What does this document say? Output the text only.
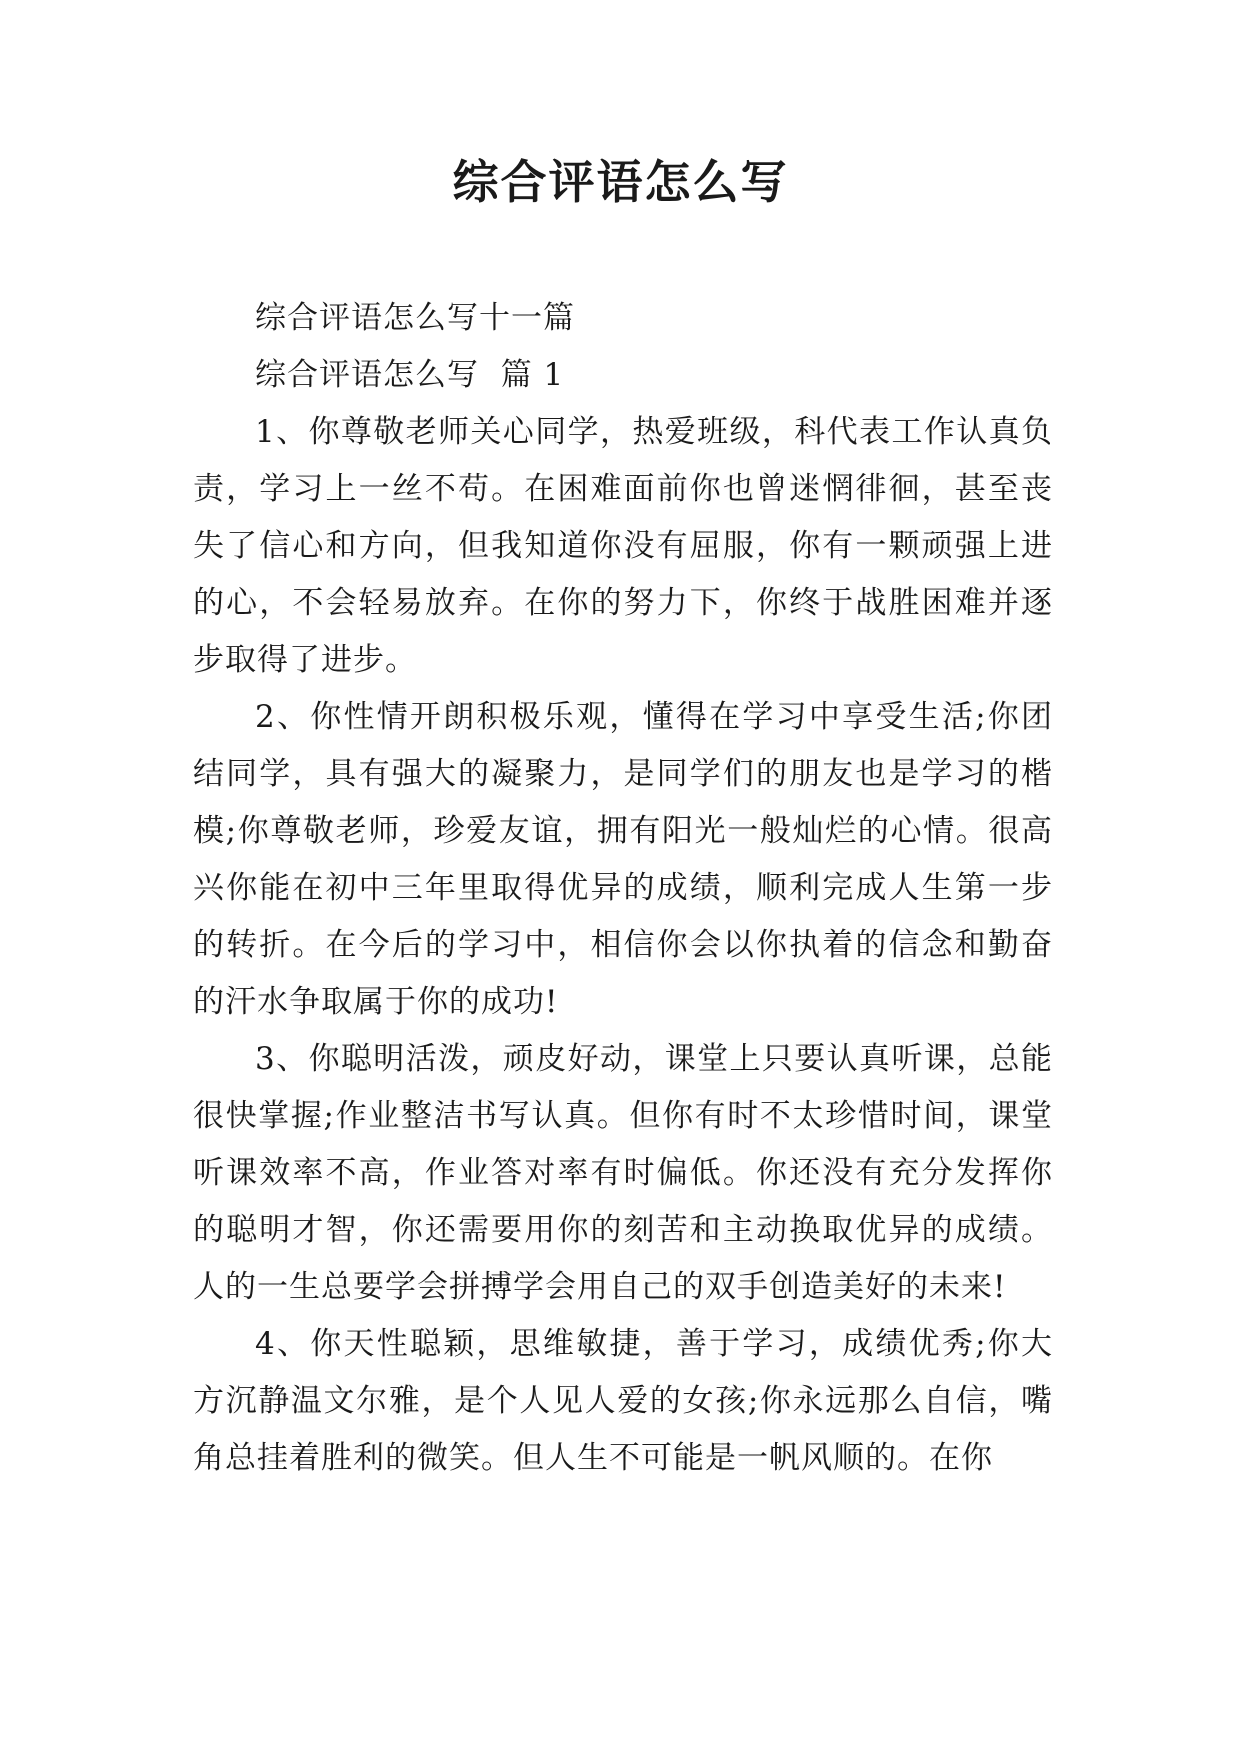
综合评语怎么写

综合评语怎么写十一篇

综合评语怎么写  篇 1

1、你尊敬老师关心同学，热爱班级，科代表工作认真负责，学习上一丝不苟。在困难面前你也曾迷惘徘徊，甚至丧失了信心和方向，但我知道你没有屈服，你有一颗顽强上进的心，不会轻易放弃。在你的努力下，你终于战胜困难并逐步取得了进步。

2、你性情开朗积极乐观，懂得在学习中享受生活;你团结同学，具有强大的凝聚力，是同学们的朋友也是学习的楷模;你尊敬老师，珍爱友谊，拥有阳光一般灿烂的心情。很高兴你能在初中三年里取得优异的成绩，顺利完成人生第一步的转折。在今后的学习中，相信你会以你执着的信念和勤奋的汗水争取属于你的成功!

3、你聪明活泼，顽皮好动，课堂上只要认真听课，总能很快掌握;作业整洁书写认真。但你有时不太珍惜时间，课堂听课效率不高，作业答对率有时偏低。你还没有充分发挥你的聪明才智，你还需要用你的刻苦和主动换取优异的成绩。人的一生总要学会拼搏学会用自己的双手创造美好的未来!

4、你天性聪颖，思维敏捷，善于学习，成绩优秀;你大方沉静温文尔雅，是个人见人爱的女孩;你永远那么自信，嘴角总挂着胜利的微笑。但人生不可能是一帆风顺的。在你
